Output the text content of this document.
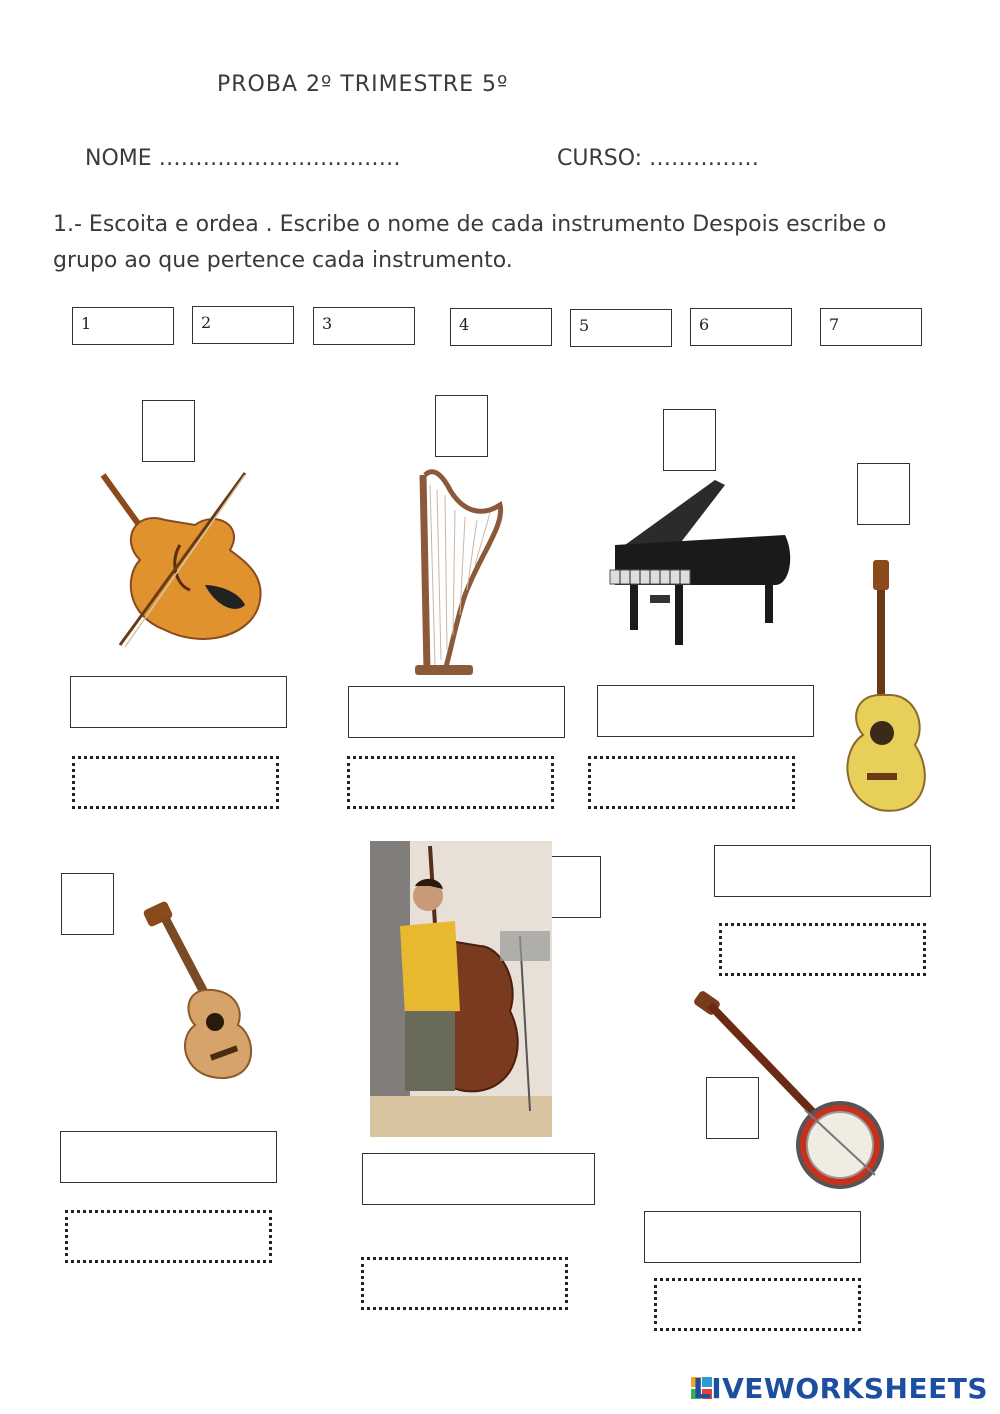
PROBA 2º TRIMESTRE 5º
NOME ……………………………	CURSO: ……………
1.- Escoita e ordea . Escribe o nome de cada instrumento Despois escribe o grupo ao que pertence cada instrumento.
1	2	3	4	5	6	7
LIVEWORKSHEETS
